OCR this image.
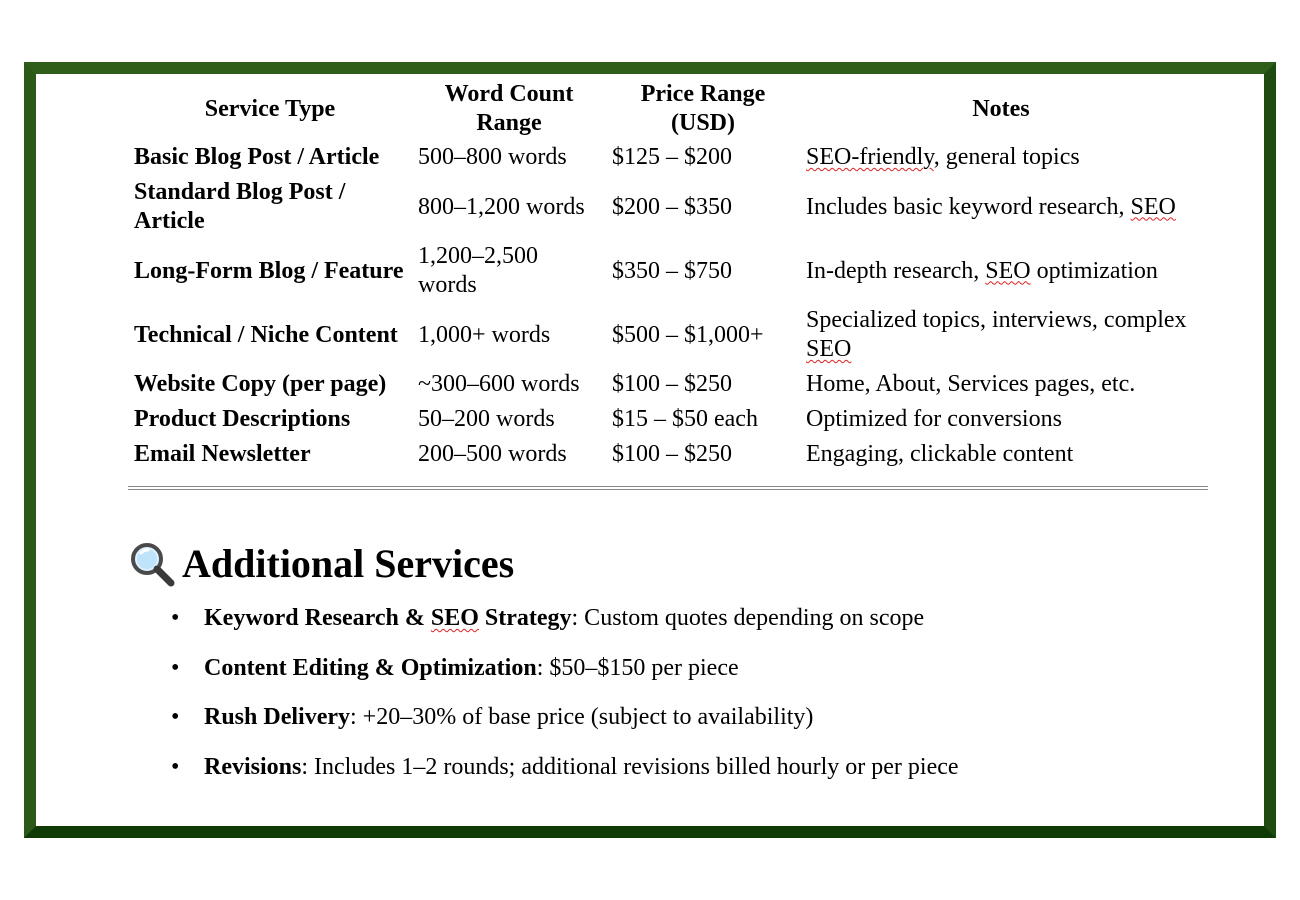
Service Type	Word Count Range	Price Range (USD)	Notes
Basic Blog Post / Article	500–800 words	$125 – $200	SEO-friendly, general topics
Standard Blog Post / Article	800–1,200 words	$200 – $350	Includes basic keyword research, SEO
Long-Form Blog / Feature	1,200–2,500 words	$350 – $750	In-depth research, SEO optimization
Technical / Niche Content	1,000+ words	$500 – $1,000+	Specialized topics, interviews, complex SEO
Website Copy (per page)	~300–600 words	$100 – $250	Home, About, Services pages, etc.
Product Descriptions	50–200 words	$15 – $50 each	Optimized for conversions
Email Newsletter	200–500 words	$100 – $250	Engaging, clickable content
Additional Services
• Keyword Research & SEO Strategy: Custom quotes depending on scope
• Content Editing & Optimization: $50–$150 per piece
• Rush Delivery: +20–30% of base price (subject to availability)
• Revisions: Includes 1–2 rounds; additional revisions billed hourly or per piece
